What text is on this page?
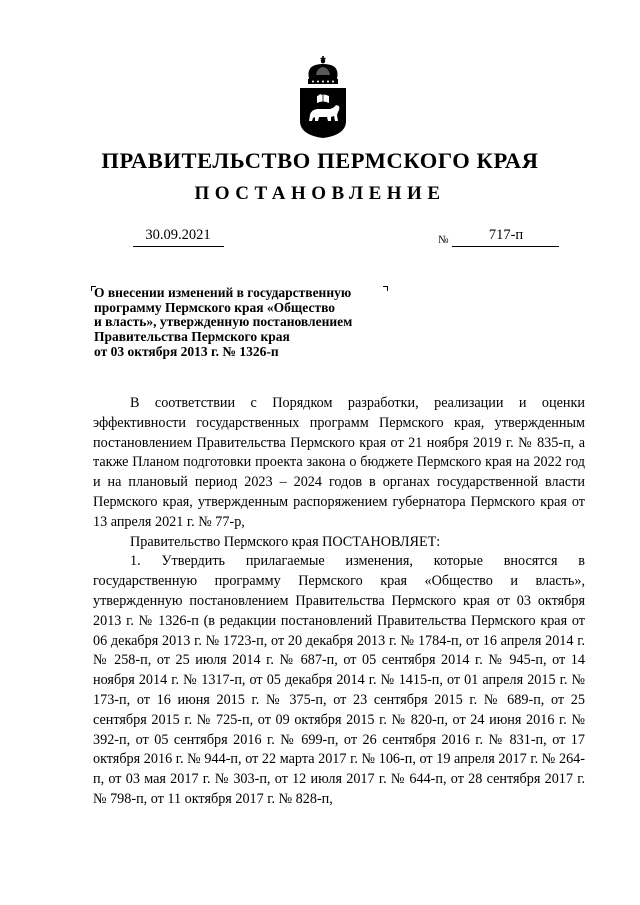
ПРАВИТЕЛЬСТВО ПЕРМСКОГО КРАЯ
ПОСТАНОВЛЕНИЕ
30.09.2021	№	717-п
О внесении изменений в государственную
программу Пермского края «Общество
и власть», утвержденную постановлением
Правительства Пермского края
от 03 октября 2013 г. № 1326-п

В соответствии с Порядком разработки, реализации и оценки эффективности государственных программ Пермского края, утвержденным постановлением Правительства Пермского края от 21 ноября 2019 г. № 835-п, а также Планом подготовки проекта закона о бюджете Пермского края на 2022 год и на плановый период 2023 – 2024 годов в органах государственной власти Пермского края, утвержденным распоряжением губернатора Пермского края от 13 апреля 2021 г. № 77-р,

Правительство Пермского края ПОСТАНОВЛЯЕТ:

1. Утвердить прилагаемые изменения, которые вносятся в государственную программу Пермского края «Общество и власть», утвержденную постановлением Правительства Пермского края от 03 октября 2013 г. № 1326-п (в редакции постановлений Правительства Пермского края от 06 декабря 2013 г. № 1723-п, от 20 декабря 2013 г. № 1784-п, от 16 апреля 2014 г. № 258-п, от 25 июля 2014 г. № 687-п, от 05 сентября 2014 г. № 945-п, от 14 ноября 2014 г. № 1317-п, от 05 декабря 2014 г. № 1415-п, от 01 апреля 2015 г. № 173-п, от 16 июня 2015 г. № 375-п, от 23 сентября 2015 г. № 689-п, от 25 сентября 2015 г. № 725-п, от 09 октября 2015 г. № 820-п, от 24 июня 2016 г. № 392-п, от 05 сентября 2016 г. № 699-п, от 26 сентября 2016 г. № 831-п, от 17 октября 2016 г. № 944-п, от 22 марта 2017 г. № 106-п, от 19 апреля 2017 г. № 264-п, от 03 мая 2017 г. № 303-п, от 12 июля 2017 г. № 644-п, от 28 сентября 2017 г. № 798-п, от 11 октября 2017 г. № 828-п,
